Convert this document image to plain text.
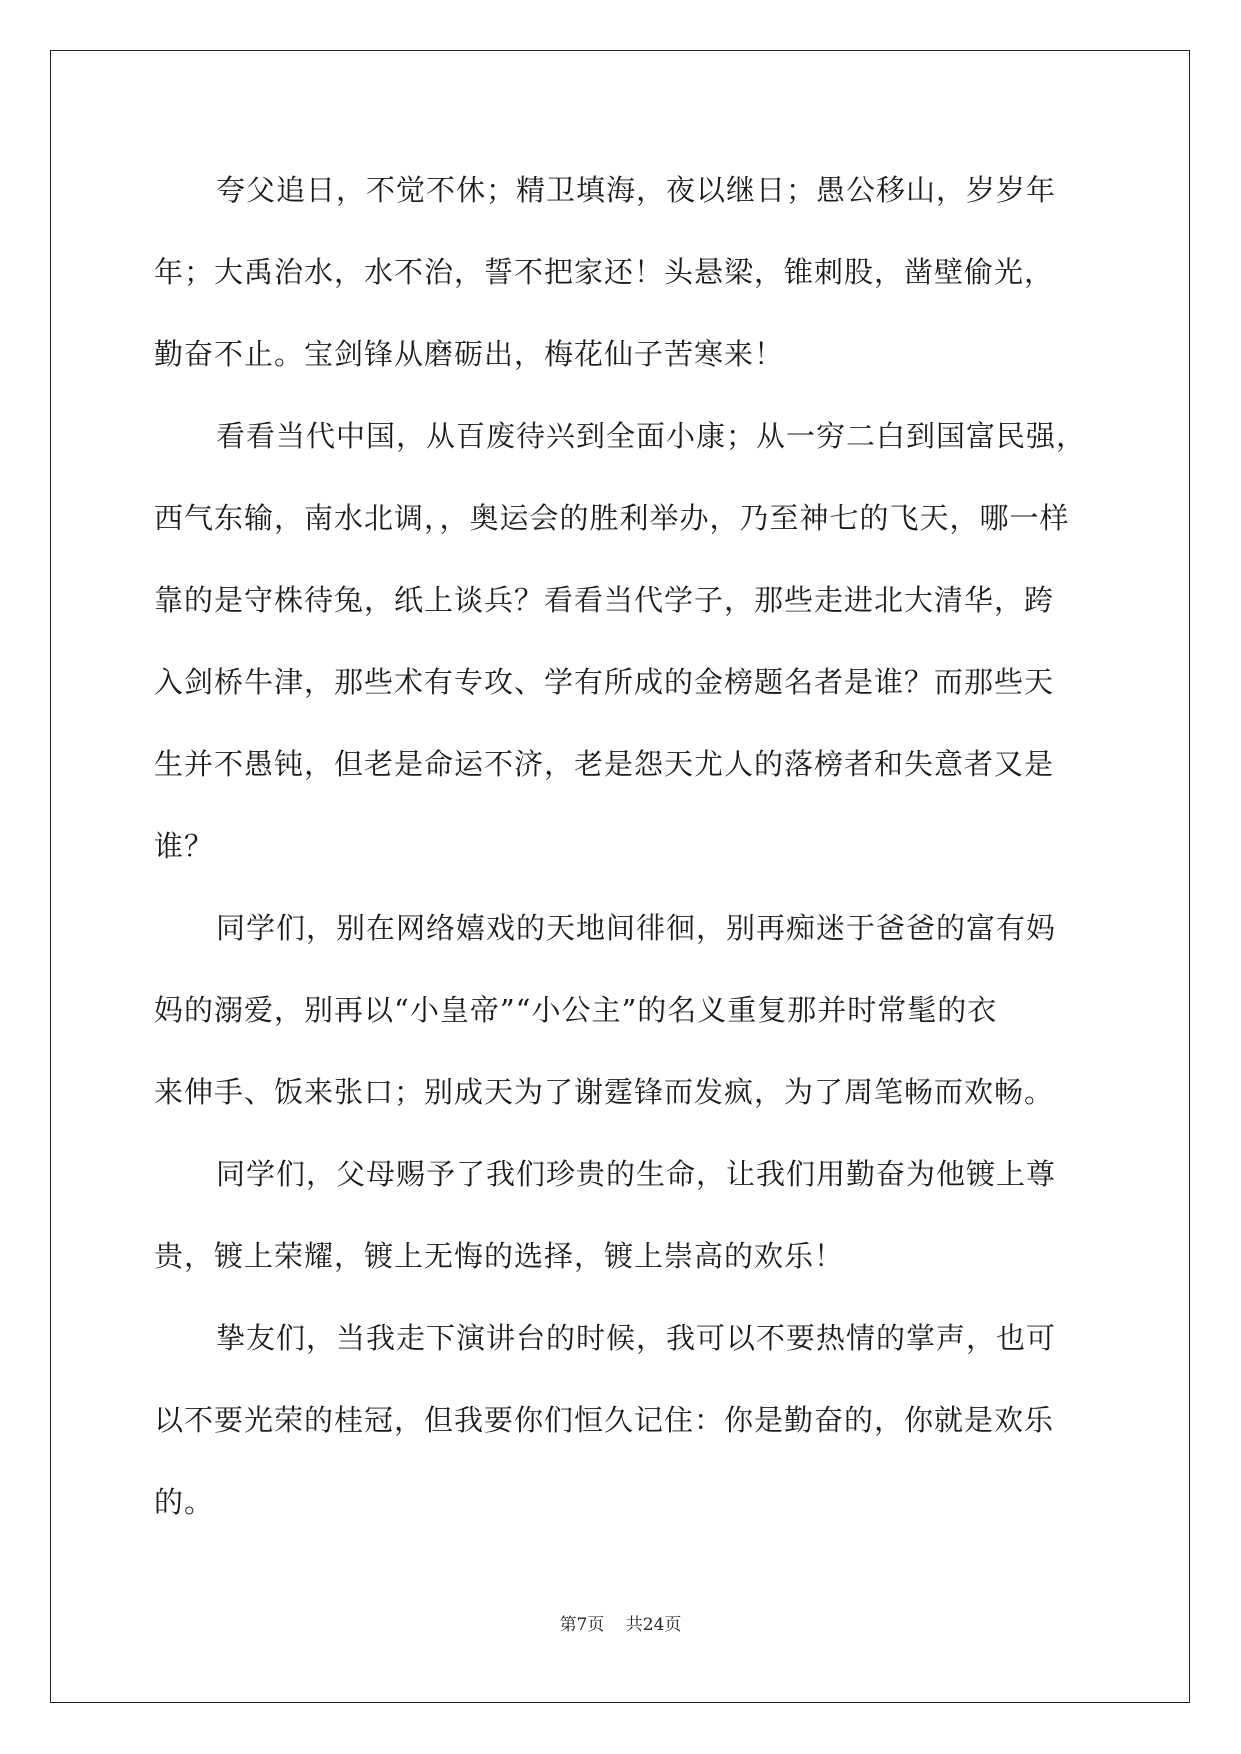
夸父追日，不觉不休；精卫填海，夜以继日；愚公移山，岁岁年
年；大禹治水，水不治，誓不把家还！头悬梁，锥刺股，凿壁偷光，
勤奋不止。宝剑锋从磨砺出，梅花仙子苦寒来！
看看当代中国，从百废待兴到全面小康；从一穷二白到国富民强，
西气东输，南水北调，，奥运会的胜利举办，乃至神七的飞天，哪一样
靠的是守株待兔，纸上谈兵？看看当代学子，那些走进北大清华，跨
入剑桥牛津，那些术有专攻、学有所成的金榜题名者是谁？而那些天
生并不愚钝，但老是命运不济，老是怨天尤人的落榜者和失意者又是
谁？
同学们，别在网络嬉戏的天地间徘徊，别再痴迷于爸爸的富有妈
妈的溺爱，别再以“小皇帝”“小公主”的名义重复那并时常髦的衣
来伸手、饭来张口；别成天为了谢霆锋而发疯，为了周笔畅而欢畅。
同学们，父母赐予了我们珍贵的生命，让我们用勤奋为他镀上尊
贵，镀上荣耀，镀上无悔的选择，镀上崇高的欢乐！
挚友们，当我走下演讲台的时候，我可以不要热情的掌声，也可
以不要光荣的桂冠，但我要你们恒久记住：你是勤奋的，你就是欢乐
的。
第7页 共24页
